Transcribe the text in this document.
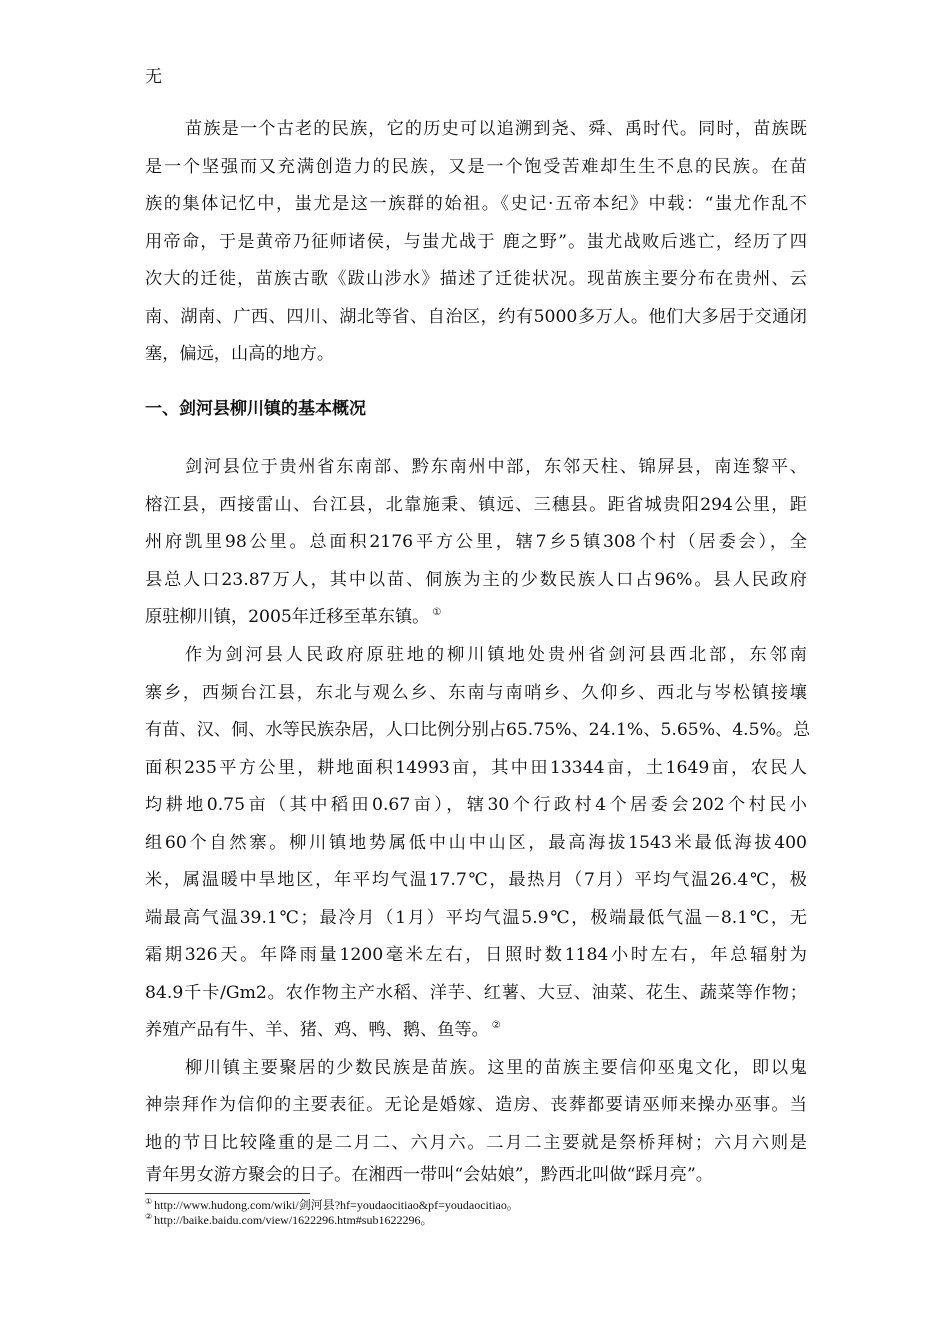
无
苗族是一个古老的民族，它的历史可以追溯到尧、舜、禹时代。同时，苗族既
是一个坚强而又充满创造力的民族，又是一个饱受苦难却生生不息的民族。在苗
族的集体记忆中，蚩尤是这一族群的始祖。《史记·五帝本纪》中载：“蚩尤作乱不
用帝命，于是黄帝乃征师诸侯，与蚩尤战于 鹿之野”。蚩尤战败后逃亡，经历了四
次大的迁徙，苗族古歌《跋山涉水》描述了迁徙状况。现苗族主要分布在贵州、云
南、湖南、广西、四川、湖北等省、自治区，约有5000多万人。他们大多居于交通闭
塞，偏远，山高的地方。
一、剑河县柳川镇的基本概况
剑河县位于贵州省东南部、黔东南州中部，东邻天柱、锦屏县，南连黎平、
榕江县，西接雷山、台江县，北靠施秉、镇远、三穗县。距省城贵阳294公里，距
州府凯里98公里。总面积2176平方公里，辖7乡5镇308个村（居委会），全
县总人口23.87万人，其中以苗、侗族为主的少数民族人口占96%。县人民政府
原驻柳川镇，2005年迁移至革东镇。 ①
作为剑河县人民政府原驻地的柳川镇地处贵州省剑河县西北部，东邻南
寨乡，西频台江县，东北与观么乡、东南与南哨乡、久仰乡、西北与岑松镇接壤
有苗、汉、侗、水等民族杂居，人口比例分别占65.75%、24.1%、5.65%、4.5%。总
面积235平方公里，耕地面积14993亩，其中田13344亩，土1649亩，农民人
均耕地0.75亩（其中稻田0.67亩），辖30个行政村4个居委会202个村民小
组60个自然寨。柳川镇地势属低中山中山区，最高海拔1543米最低海拔400
米，属温暖中旱地区，年平均气温17.7℃，最热月（7月）平均气温26.4℃，极
端最高气温39.1℃；最冷月（1月）平均气温5.9℃，极端最低气温－8.1℃，无
霜期326天。年降雨量1200毫米左右，日照时数1184小时左右，年总辐射为
84.9千卡/Gm2。农作物主产水稻、洋芋、红薯、大豆、油菜、花生、蔬菜等作物；
养殖产品有牛、羊、猪、鸡、鸭、鹅、鱼等。 ②
柳川镇主要聚居的少数民族是苗族。这里的苗族主要信仰巫鬼文化，即以鬼
神崇拜作为信仰的主要表征。无论是婚嫁、造房、丧葬都要请巫师来操办巫事。当
地的节日比较隆重的是二月二、六月六。二月二主要就是祭桥拜树；六月六则是
青年男女游方聚会的日子。在湘西一带叫“会姑娘”，黔西北叫做“踩月亮”。
① http://www.hudong.com/wiki/剑河县?hf=youdaocitiao&pf=youdaocitiao。
② http://baike.baidu.com/view/1622296.htm#sub1622296。
